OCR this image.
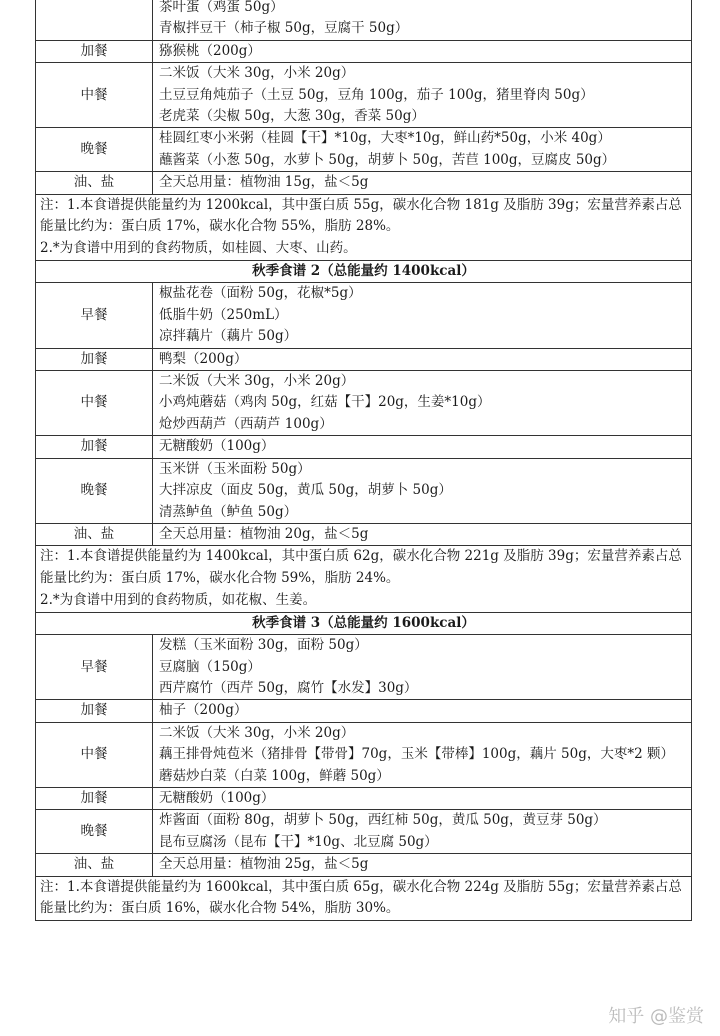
	茶叶蛋（鸡蛋 50g）
青椒拌豆干（柿子椒 50g，豆腐干 50g）

加餐	猕猴桃（200g）

中餐	二米饭（大米 30g，小米 20g）
土豆豆角炖茄子（土豆 50g，豆角 100g，茄子 100g，猪里脊肉 50g）
老虎菜（尖椒 50g，大葱 30g，香菜 50g）

晚餐	桂圆红枣小米粥（桂圆【干】*10g，大枣*10g，鲜山药*50g，小米 40g）
蘸酱菜（小葱 50g，水萝卜 50g，胡萝卜 50g，苦苣 100g，豆腐皮 50g）

油、盐	全天总用量：植物油 15g，盐＜5g

注：1.本食谱提供能量约为 1200kcal，其中蛋白质 55g，碳水化合物 181g 及脂肪 39g；宏量营养素占总能量比约为：蛋白质 17%，碳水化合物 55%，脂肪 28%。
2.*为食谱中用到的食药物质，如桂圆、大枣、山药。	

秋季食谱 2（总能量约 1400kcal）	
早餐	椒盐花卷（面粉 50g，花椒*5g）
低脂牛奶（250mL）
凉拌藕片（藕片 50g）

加餐	鸭梨（200g）

中餐	二米饭（大米 30g，小米 20g）
小鸡炖蘑菇（鸡肉 50g，红菇【干】20g，生姜*10g）
炝炒西葫芦（西葫芦 100g）

加餐	无糖酸奶（100g）

晚餐	玉米饼（玉米面粉 50g）
大拌凉皮（面皮 50g，黄瓜 50g，胡萝卜 50g）
清蒸鲈鱼（鲈鱼 50g）

油、盐	全天总用量：植物油 20g，盐＜5g

注：1.本食谱提供能量约为 1400kcal，其中蛋白质 62g，碳水化合物 221g 及脂肪 39g；宏量营养素占总能量比约为：蛋白质 17%，碳水化合物 59%，脂肪 24%。
2.*为食谱中用到的食药物质，如花椒、生姜。	

秋季食谱 3（总能量约 1600kcal）	
早餐	发糕（玉米面粉 30g，面粉 50g）
豆腐脑（150g）
西芹腐竹（西芹 50g，腐竹【水发】30g）

加餐	柚子（200g）

中餐	二米饭（大米 30g，小米 20g）
藕王排骨炖苞米（猪排骨【带骨】70g，玉米【带棒】100g，藕片 50g，大枣*2 颗）
蘑菇炒白菜（白菜 100g，鲜蘑 50g）

加餐	无糖酸奶（100g）

晚餐	炸酱面（面粉 80g，胡萝卜 50g，西红柿 50g，黄瓜 50g，黄豆芽 50g）
昆布豆腐汤（昆布【干】*10g、北豆腐 50g）

油、盐	全天总用量：植物油 25g，盐＜5g

注：1.本食谱提供能量约为 1600kcal，其中蛋白质 65g，碳水化合物 224g 及脂肪 55g；宏量营养素占总能量比约为：蛋白质 16%，碳水化合物 54%，脂肪 30%。	
知乎 @鉴赏
